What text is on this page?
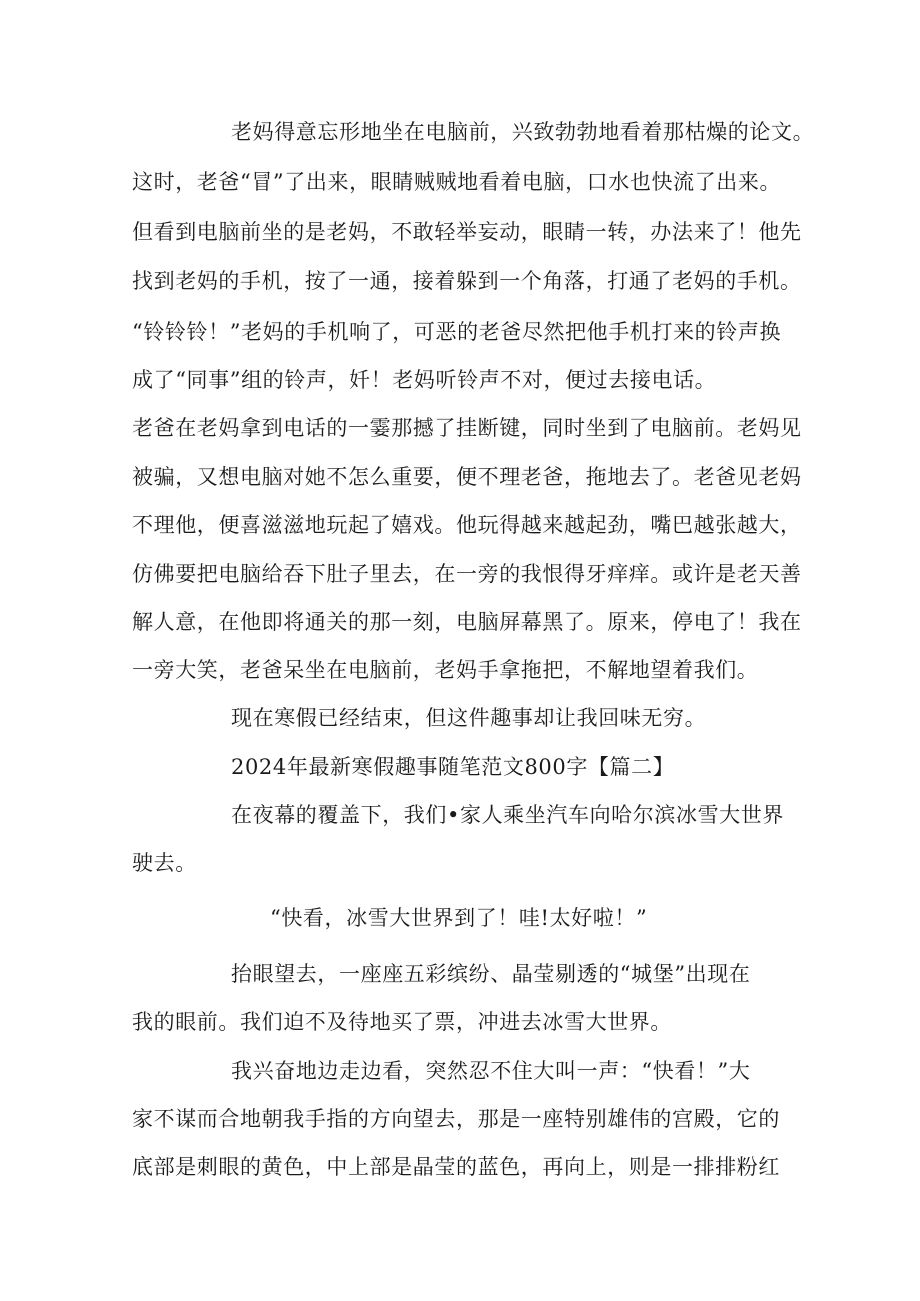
老妈得意忘形地坐在电脑前，兴致勃勃地看着那枯燥的论文。
这时，老爸“冒”了出来，眼睛贼贼地看着电脑，口水也快流了出来。
但看到电脑前坐的是老妈，不敢轻举妄动，眼睛一转，办法来了！他先
找到老妈的手机，按了一通，接着躲到一个角落，打通了老妈的手机。
“铃铃铃！”老妈的手机响了，可恶的老爸尽然把他手机打来的铃声换
成了“同事”组的铃声，奷！老妈听铃声不对，便过去接电话。
老爸在老妈拿到电话的一霎那撼了挂断键，同时坐到了电脑前。老妈见
被骗，又想电脑对她不怎么重要，便不理老爸，拖地去了。老爸见老妈
不理他，便喜滋滋地玩起了嬉戏。他玩得越来越起劲，嘴巴越张越大，
仿佛要把电脑给吞下肚子里去，在一旁的我恨得牙痒痒。或许是老天善
解人意，在他即将通关的那一刻，电脑屏幕黑了。原来，停电了！我在
一旁大笑，老爸呆坐在电脑前，老妈手拿拖把，不解地望着我们。
现在寒假已经结束，但这件趣事却让我回味无穷。
2024年最新寒假趣事随笔范文800字【篇二】
在夜幕的覆盖下，我们•家人乘坐汽车向哈尔滨冰雪大世界
驶去。
“快看，冰雪大世界到了！哇!太好啦！”
抬眼望去，一座座五彩缤纷、晶莹剔透的“城堡”出现在
我的眼前。我们迫不及待地买了票，冲进去冰雪大世界。
我兴奋地边走边看，突然忍不住大叫一声：“快看！”大
家不谋而合地朝我手指的方向望去，那是一座特别雄伟的宫殿，它的
底部是刺眼的黄色，中上部是晶莹的蓝色，再向上，则是一排排粉红
